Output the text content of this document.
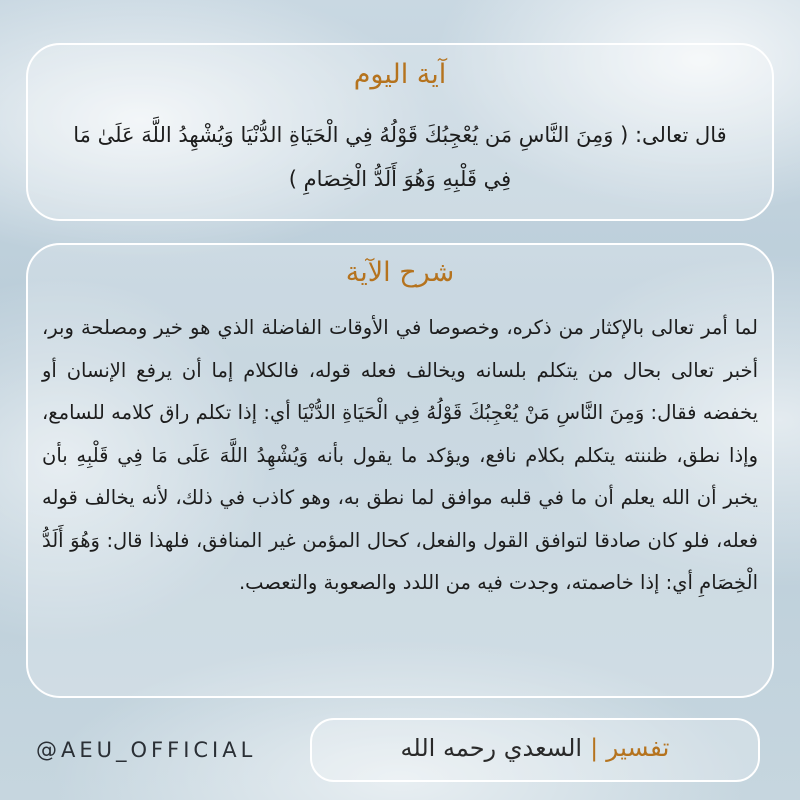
آية اليوم
قال تعالى: ( وَمِنَ النَّاسِ مَن يُعْجِبُكَ قَوْلُهُ فِي الْحَيَاةِ الدُّنْيَا وَيُشْهِدُ اللَّهَ عَلَىٰ مَا فِي قَلْبِهِ وَهُوَ أَلَدُّ الْخِصَامِ )
شرح الآية
لما أمر تعالى بالإكثار من ذكره، وخصوصا في الأوقات الفاضلة الذي هو خير ومصلحة وبر، أخبر تعالى بحال من يتكلم بلسانه ويخالف فعله قوله، فالكلام إما أن يرفع الإنسان أو يخفضه فقال: وَمِنَ النَّاسِ مَنْ يُعْجِبُكَ قَوْلُهُ فِي الْحَيَاةِ الدُّنْيَا أي: إذا تكلم راق كلامه للسامع، وإذا نطق، ظننته يتكلم بكلام نافع، ويؤكد ما يقول بأنه وَيُشْهِدُ اللَّهَ عَلَى مَا فِي قَلْبِهِ بأن يخبر أن الله يعلم أن ما في قلبه موافق لما نطق به، وهو كاذب في ذلك، لأنه يخالف قوله فعله، فلو كان صادقا لتوافق القول والفعل، كحال المؤمن غير المنافق، فلهذا قال: وَهُوَ أَلَدُّ الْخِصَامِ أي: إذا خاصمته، وجدت فيه من اللدد والصعوبة والتعصب.
تفسير|السعدي رحمه الله
@AEU_OFFICIAL
